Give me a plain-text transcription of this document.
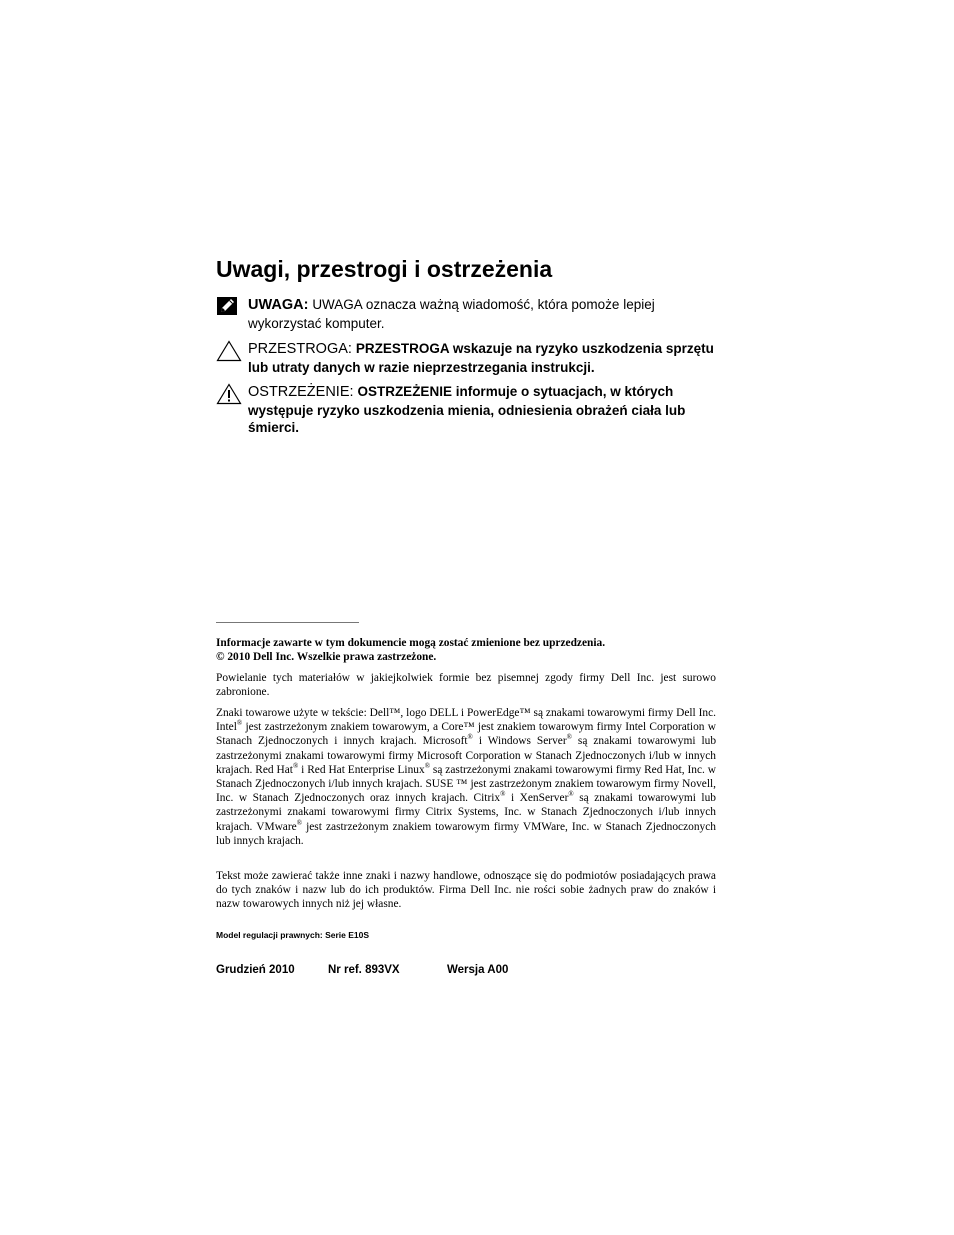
Uwagi, przestrogi i ostrzeżenia
UWAGA: UWAGA oznacza ważną wiadomość, która pomoże lepiej wykorzystać komputer.
PRZESTROGA: PRZESTROGA wskazuje na ryzyko uszkodzenia sprzętu lub utraty danych w razie nieprzestrzegania instrukcji.
OSTRZEŻENIE: OSTRZEŻENIE informuje o sytuacjach, w których występuje ryzyko uszkodzenia mienia, odniesienia obrażeń ciała lub śmierci.

Informacje zawarte w tym dokumencie mogą zostać zmienione bez uprzedzenia.

© 2010 Dell Inc. Wszelkie prawa zastrzeżone.

Powielanie tych materiałów w jakiejkolwiek formie bez pisemnej zgody firmy Dell Inc. jest surowo zabronione.

Znaki towarowe użyte w tekście: Dell™, logo DELL i PowerEdge™ są znakami towarowymi firmy Dell Inc. Intel® jest zastrzeżonym znakiem towarowym, a Core™ jest znakiem towarowym firmy Intel Corporation w Stanach Zjednoczonych i innych krajach. Microsoft® i Windows Server® są znakami towarowymi lub zastrzeżonymi znakami towarowymi firmy Microsoft Corporation w Stanach Zjednoczonych i/lub w innych krajach. Red Hat® i Red Hat Enterprise Linux® są zastrzeżonymi znakami towarowymi firmy Red Hat, Inc. w Stanach Zjednoczonych i/lub innych krajach. SUSE ™ jest zastrzeżonym znakiem towarowym firmy Novell, Inc. w Stanach Zjednoczonych oraz innych krajach. Citrix® i XenServer® są znakami towarowymi lub zastrzeżonymi znakami towarowymi firmy Citrix Systems, Inc. w Stanach Zjednoczonych i/lub innych krajach. VMware® jest zastrzeżonym znakiem towarowym firmy VMWare, Inc. w Stanach Zjednoczonych lub innych krajach.

Tekst może zawierać także inne znaki i nazwy handlowe, odnoszące się do podmiotów posiadających prawa do tych znaków i nazw lub do ich produktów. Firma Dell Inc. nie rości sobie żadnych praw do znaków i nazw towarowych innych niż jej własne.

Model regulacji prawnych: Serie E10S
Grudzień 2010	Nr ref. 893VX	Wersja A00
